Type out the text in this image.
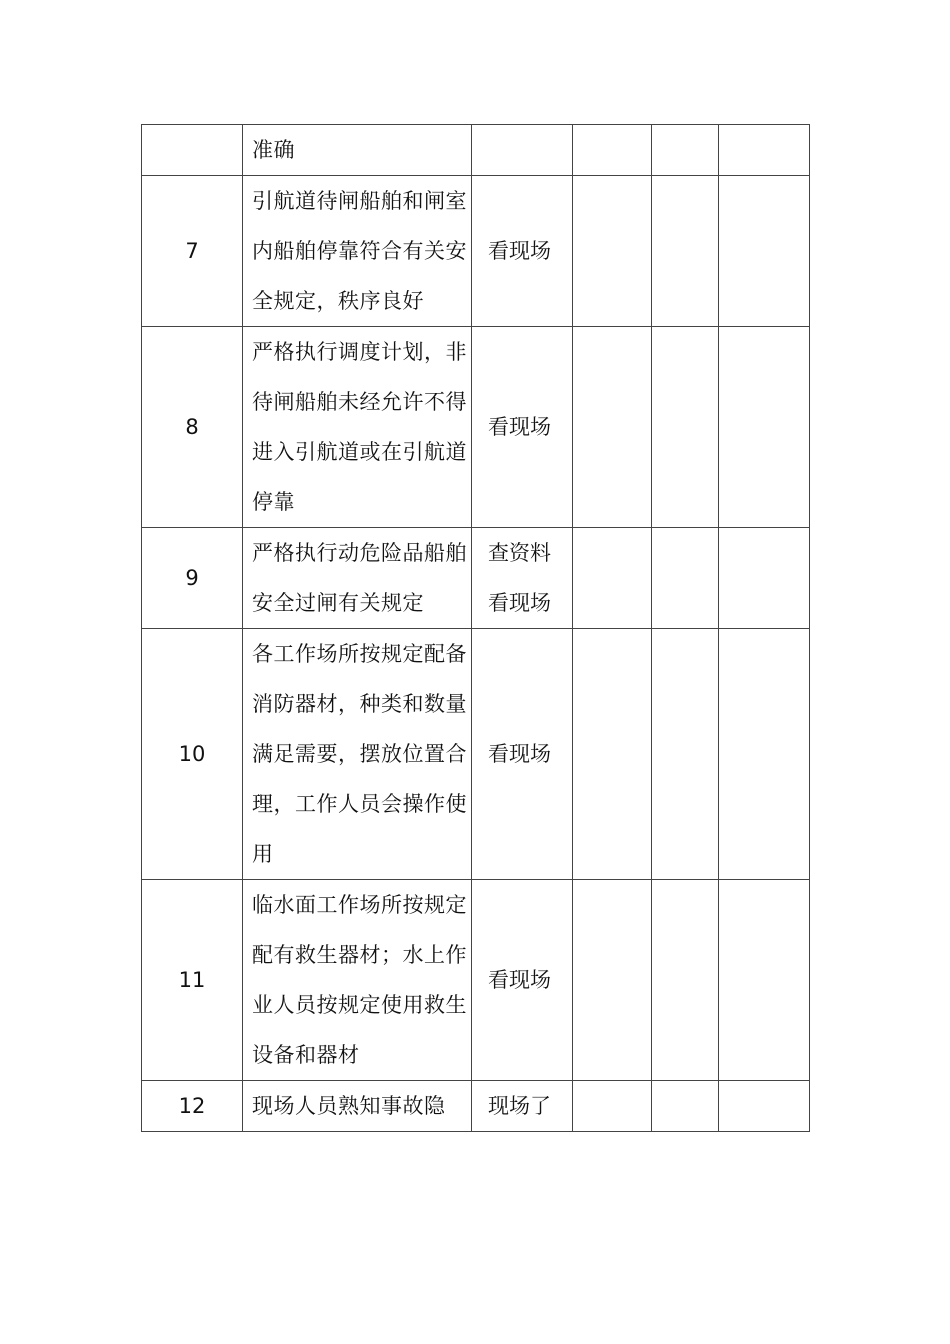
	准确				
7	引航道待闸船舶和闸室内船舶停靠符合有关安全规定，秩序良好	看现场			

8	严格执行调度计划，非待闸船舶未经允许不得进入引航道或在引航道停靠	看现场			

9	严格执行动危险品船舶安全过闸有关规定	查资料
看现场			

10	各工作场所按规定配备消防器材，种类和数量满足需要，摆放位置合理，工作人员会操作使用	看现场			

11	临水面工作场所按规定配有救生器材；水上作业人员按规定使用救生设备和器材	看现场			

12	现场人员熟知事故隐	现场了			
